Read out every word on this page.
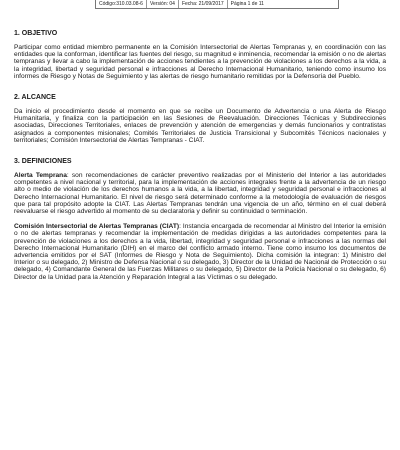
Código:310.03.08-6	Versión: 04	Fecha: 21/09/2017	Página 1 de 11
1. OBJETIVO

Participar como entidad miembro permanente en la Comisión Intersectorial de Alertas Tempranas y, en coordinación con las entidades que la conforman, identificar las fuentes del riesgo, su magnitud e inminencia, recomendar la emisión o no de alertas tempranas y llevar a cabo la implementación de acciones tendientes a la prevención de violaciones a los derechos a la vida, a la integridad, libertad y seguridad personal e infracciones al Derecho Internacional Humanitario, teniendo como insumo los informes de Riesgo y Notas de Seguimiento y las alertas de riesgo humanitario remitidas por la Defensoría del Pueblo.

2. ALCANCE

Da inicio el procedimiento desde el momento en que se recibe un Documento de Advertencia o una Alerta de Riesgo Humanitaria, y finaliza con la participación en las Sesiones de Reevaluación. Direcciones Técnicas y Subdirecciones asociadas, Direcciones Territoriales, enlaces de prevención y atención de emergencias y demás funcionarios y contratistas asignados a componentes misionales; Comités Territoriales de Justicia Transicional y Subcomités Técnicos nacionales y territoriales; Comisión Intersectorial de Alertas Tempranas - CIAT.

3. DEFINICIONES

Alerta Temprana: son recomendaciones de carácter preventivo realizadas por el Ministerio del Interior a las autoridades competentes a nivel nacional y territorial, para la implementación de acciones integrales frente a la advertencia de un riesgo alto o medio de violación de los derechos humanos a la vida, a la libertad, integridad y seguridad personal e infracciones al Derecho Internacional Humanitario. El nivel de riesgo será determinado conforme a la metodología de evaluación de riesgos que para tal propósito adopte la CIAT. Las Alertas Tempranas tendrán una vigencia de un año, término en el cual deberá reevaluarse el riesgo advertido al momento de su declaratoria y definir su continuidad o terminación.

Comisión Intersectorial de Alertas Tempranas (CIAT): Instancia encargada de recomendar al Ministro del Interior la emisión o no de alertas tempranas y recomendar la implementación de medidas dirigidas a las autoridades competentes para la prevención de violaciones a los derechos a la vida, libertad, integridad y seguridad personal e infracciones a las normas del Derecho Internacional Humanitario (DIH) en el marco del conflicto armado interno. Tiene como insumo los documentos de advertencia emitidos por el SAT (Informes de Riesgo y Nota de Seguimiento). Dicha comisión la integran: 1) Ministro del Interior o su delegado, 2) Ministro de Defensa Nacional o su delegado, 3) Director de la Unidad de Nacional de Protección o su delegado, 4) Comandante General de las Fuerzas Militares o su delegado, 5) Director de la Policía Nacional o su delegado, 6) Director de la Unidad para la Atención y Reparación Integral a las Víctimas o su delegado.
